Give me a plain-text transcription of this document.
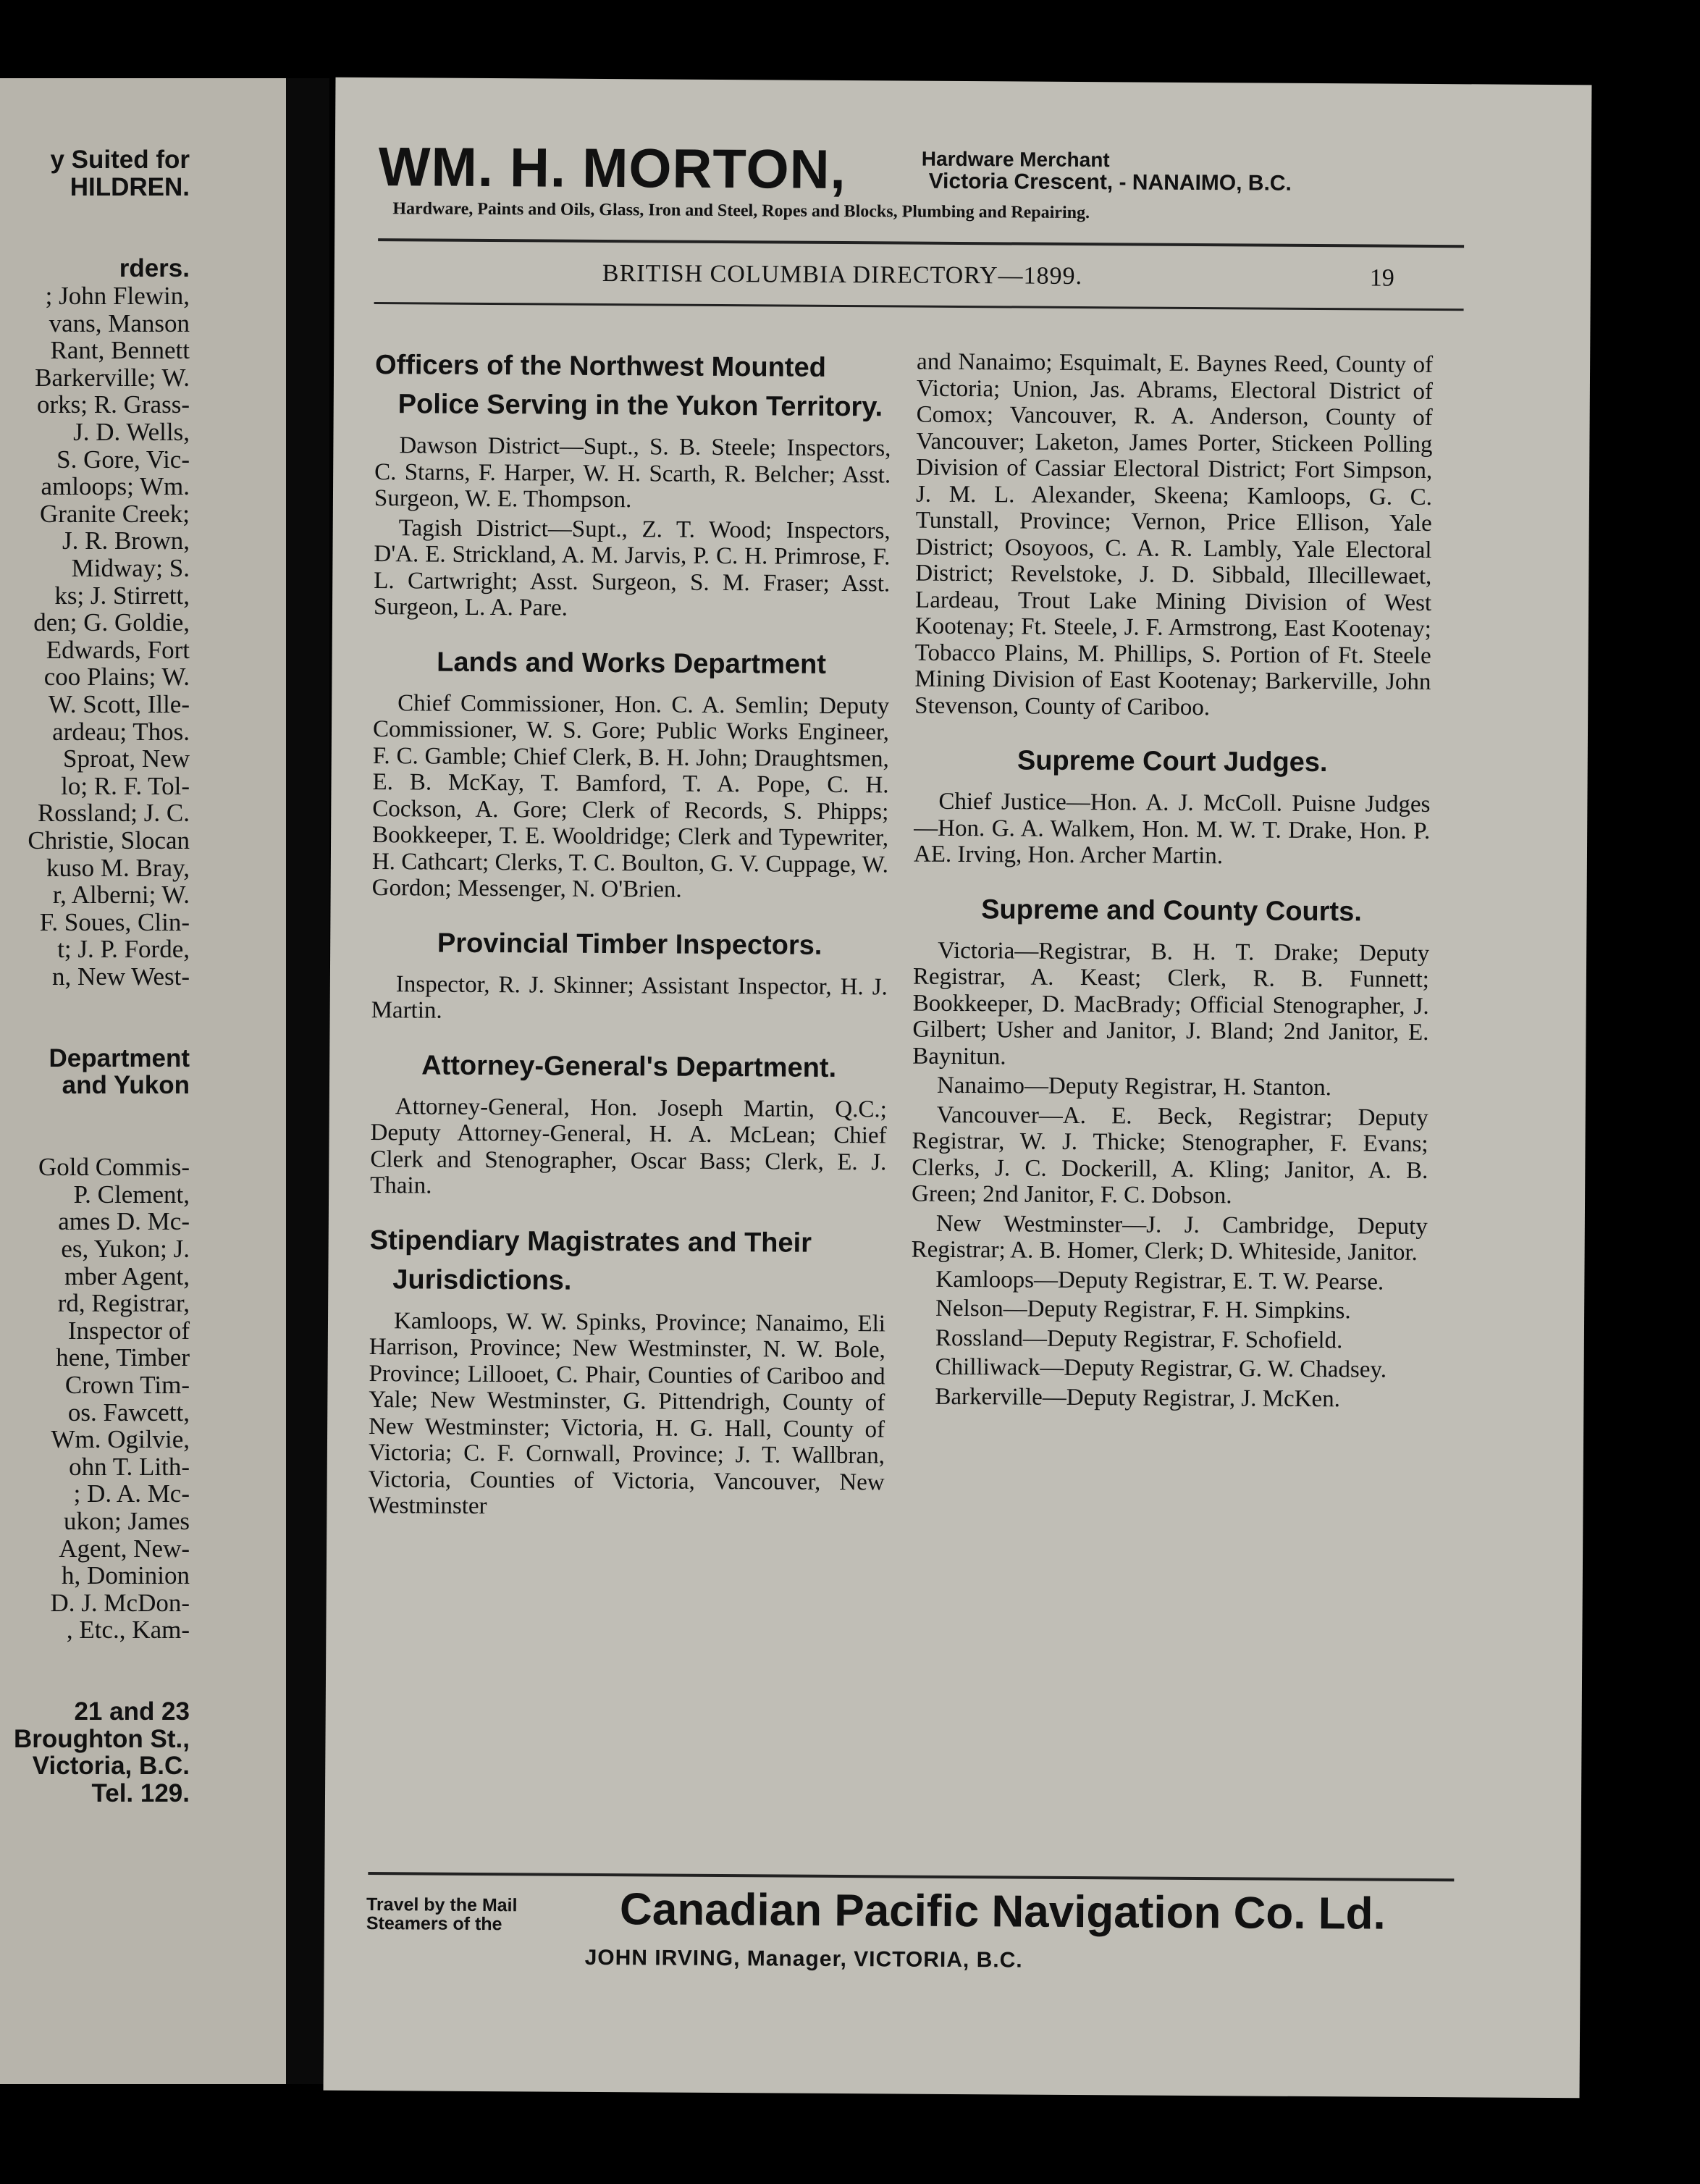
y Suited for
HILDREN.
rders.
; John Flewin,
vans, Manson
Rant, Bennett
Barkerville; W.
orks; R. Grass-
J. D. Wells,
S. Gore, Vic-
amloops; Wm.
Granite Creek;
J. R. Brown,
Midway; S.
ks; J. Stirrett,
den; G. Goldie,
Edwards, Fort
coo Plains; W.
W. Scott, Ille-
ardeau; Thos.
Sproat, New
lo; R. F. Tol-
Rossland; J. C.
Christie, Slocan
kuso M. Bray,
r, Alberni; W.
F. Soues, Clin-
t; J. P. Forde,
n, New West-
Department
and Yukon
Gold Commis-
P. Clement,
ames D. Mc-
es, Yukon; J.
mber Agent,
rd, Registrar,
Inspector of
hene, Timber
Crown Tim-
os. Fawcett,
Wm. Ogilvie,
ohn T. Lith-
; D. A. Mc-
ukon; James
Agent, New-
h, Dominion
D. J. McDon-
, Etc., Kam-
21 and 23
Broughton St.,
Victoria, B.C.
Tel. 129.
WM. H. MORTON,	Hardware Merchant
Victoria Crescent, - NANAIMO, B.C.
Hardware, Paints and Oils, Glass, Iron and Steel, Ropes and Blocks, Plumbing and Repairing.
BRITISH COLUMBIA DIRECTORY—1899.	19
Officers of the Northwest Mounted Police Serving in the Yukon Territory.

Dawson District—Supt., S. B. Steele; Inspectors, C. Starns, F. Harper, W. H. Scarth, R. Belcher; Asst. Surgeon, W. E. Thompson.

Tagish District—Supt., Z. T. Wood; Inspectors, D'A. E. Strickland, A. M. Jarvis, P. C. H. Primrose, F. L. Cartwright; Asst. Surgeon, S. M. Fraser; Asst. Surgeon, L. A. Pare.

Lands and Works Department

Chief Commissioner, Hon. C. A. Semlin; Deputy Commissioner, W. S. Gore; Public Works Engineer, F. C. Gamble; Chief Clerk, B. H. John; Draughtsmen, E. B. McKay, T. Bamford, T. A. Pope, C. H. Cockson, A. Gore; Clerk of Records, S. Phipps; Bookkeeper, T. E. Wooldridge; Clerk and Typewriter, H. Cathcart; Clerks, T. C. Boulton, G. V. Cuppage, W. Gordon; Messenger, N. O'Brien.

Provincial Timber Inspectors.

Inspector, R. J. Skinner; Assistant Inspector, H. J. Martin.

Attorney-General's Department.

Attorney-General, Hon. Joseph Martin, Q.C.; Deputy Attorney-General, H. A. McLean; Chief Clerk and Stenographer, Oscar Bass; Clerk, E. J. Thain.

Stipendiary Magistrates and Their Jurisdictions.

Kamloops, W. W. Spinks, Province; Nanaimo, Eli Harrison, Province; New Westminster, N. W. Bole, Province; Lillooet, C. Phair, Counties of Cariboo and Yale; New Westminster, G. Pittendrigh, County of New Westminster; Victoria, H. G. Hall, County of Victoria; C. F. Cornwall, Province; J. T. Wallbran, Victoria, Counties of Victoria, Vancouver, New Westminster

and Nanaimo; Esquimalt, E. Baynes Reed, County of Victoria; Union, Jas. Abrams, Electoral District of Comox; Vancouver, R. A. Anderson, County of Vancouver; Laketon, James Porter, Stickeen Polling Division of Cassiar Electoral District; Fort Simpson, J. M. L. Alexander, Skeena; Kamloops, G. C. Tunstall, Province; Vernon, Price Ellison, Yale District; Osoyoos, C. A. R. Lambly, Yale Electoral District; Revelstoke, J. D. Sibbald, Illecillewaet, Lardeau, Trout Lake Mining Division of West Kootenay; Ft. Steele, J. F. Armstrong, East Kootenay; Tobacco Plains, M. Phillips, S. Portion of Ft. Steele Mining Division of East Kootenay; Barkerville, John Stevenson, County of Cariboo.

Supreme Court Judges.

Chief Justice—Hon. A. J. McColl. Puisne Judges—Hon. G. A. Walkem, Hon. M. W. T. Drake, Hon. P. AE. Irving, Hon. Archer Martin.

Supreme and County Courts.

Victoria—Registrar, B. H. T. Drake; Deputy Registrar, A. Keast; Clerk, R. B. Funnett; Bookkeeper, D. MacBrady; Official Stenographer, J. Gilbert; Usher and Janitor, J. Bland; 2nd Janitor, E. Baynitun.

Nanaimo—Deputy Registrar, H. Stanton.

Vancouver—A. E. Beck, Registrar; Deputy Registrar, W. J. Thicke; Stenographer, F. Evans; Clerks, J. C. Dockerill, A. Kling; Janitor, A. B. Green; 2nd Janitor, F. C. Dobson.

New Westminster—J. J. Cambridge, Deputy Registrar; A. B. Homer, Clerk; D. Whiteside, Janitor.

Kamloops—Deputy Registrar, E. T. W. Pearse.

Nelson—Deputy Registrar, F. H. Simpkins.

Rossland—Deputy Registrar, F. Schofield.

Chilliwack—Deputy Registrar, G. W. Chadsey.

Barkerville—Deputy Registrar, J. McKen.

Travel by the Mail
Steamers of the	Canadian Pacific Navigation Co. Ld.
JOHN IRVING, Manager, VICTORIA, B.C.
